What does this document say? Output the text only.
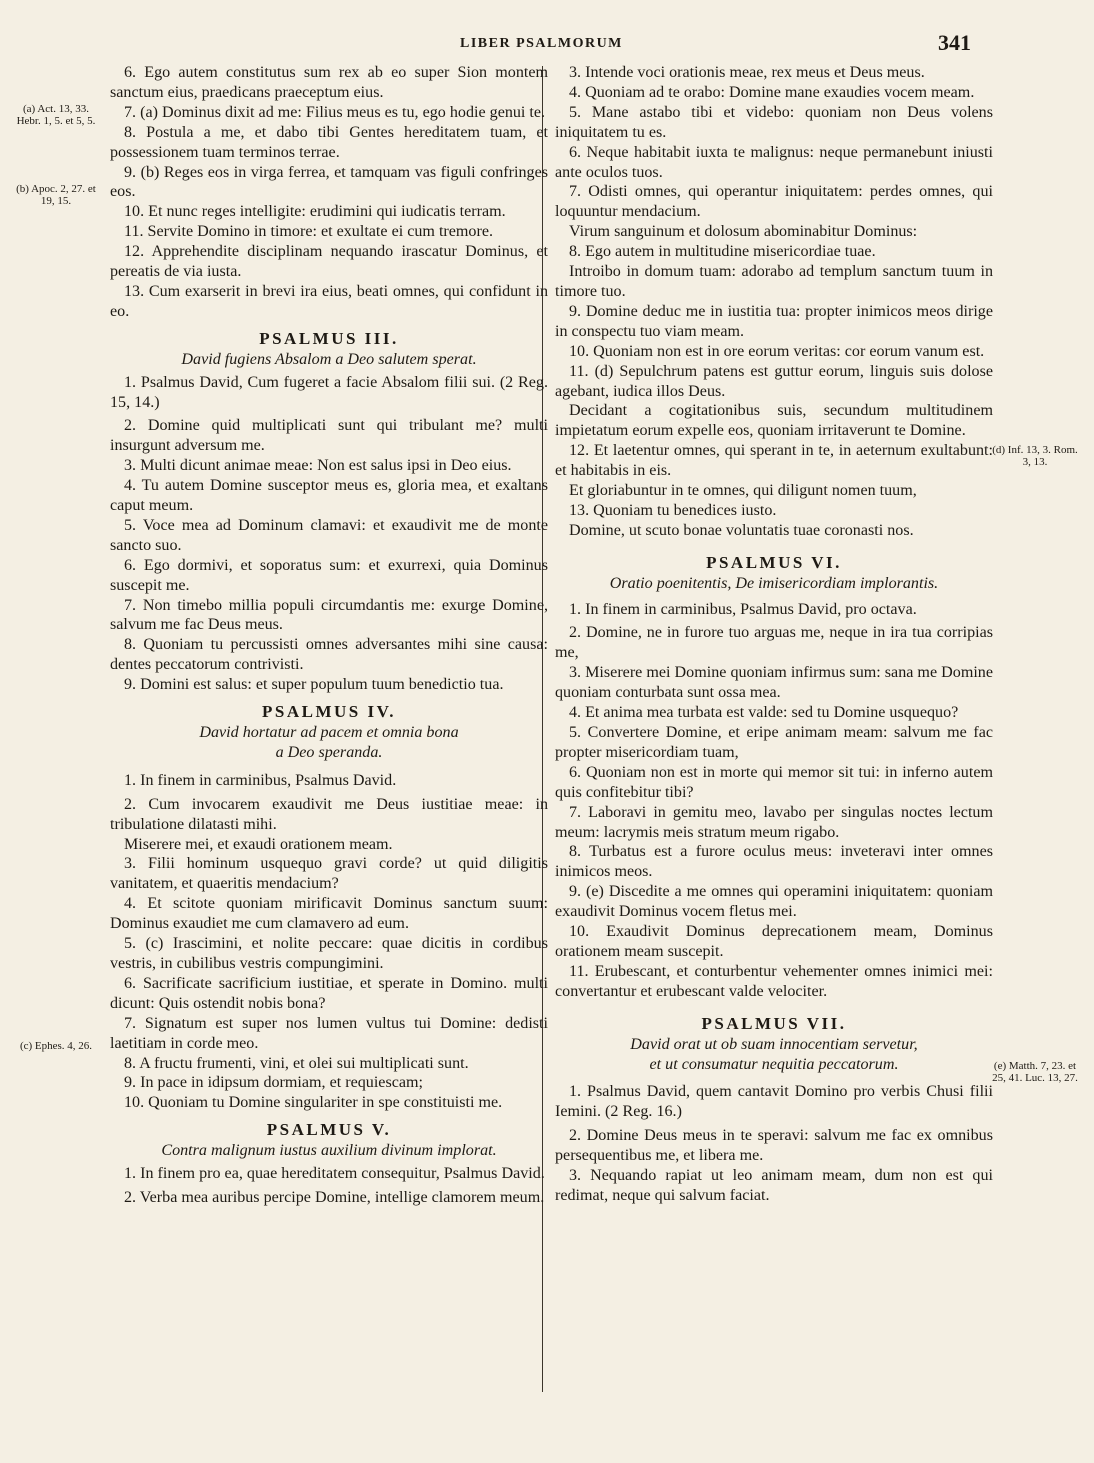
LIBER PSALMORUM	341

6. Ego autem constitutus sum rex ab eo super Sion montem sanctum eius, praedicans praeceptum eius.

7. (a) Dominus dixit ad me: Filius meus es tu, ego hodie genui te.

8. Postula a me, et dabo tibi Gentes hereditatem tuam, et possessionem tuam terminos terrae.

9. (b) Reges eos in virga ferrea, et tamquam vas figuli confringes eos.

10. Et nunc reges intelligite: erudimini qui iudicatis terram.

11. Servite Domino in timore: et exultate ei cum tremore.

12. Apprehendite disciplinam nequando irascatur Dominus, et pereatis de via iusta.

13. Cum exarserit in brevi ira eius, beati omnes, qui confidunt in eo.

PSALMUS III.
David fugiens Absalom a Deo salutem sperat.

1. Psalmus David, Cum fugeret a facie Absalom filii sui. (2 Reg. 15, 14.)

2. Domine quid multiplicati sunt qui tribulant me? multi insurgunt adversum me.

3. Multi dicunt animae meae: Non est salus ipsi in Deo eius.

4. Tu autem Domine susceptor meus es, gloria mea, et exaltans caput meum.

5. Voce mea ad Dominum clamavi: et exaudivit me de monte sancto suo.

6. Ego dormivi, et soporatus sum: et exurrexi, quia Dominus suscepit me.

7. Non timebo millia populi circumdantis me: exurge Domine, salvum me fac Deus meus.

8. Quoniam tu percussisti omnes adversantes mihi sine causa: dentes peccatorum contrivisti.

9. Domini est salus: et super populum tuum benedictio tua.

PSALMUS IV.
David hortatur ad pacem et omnia bona
a Deo speranda.

1. In finem in carminibus, Psalmus David.

2. Cum invocarem exaudivit me Deus iustitiae meae: in tribulatione dilatasti mihi.

Miserere mei, et exaudi orationem meam.

3. Filii hominum usquequo gravi corde? ut quid diligitis vanitatem, et quaeritis mendacium?

4. Et scitote quoniam mirificavit Dominus sanctum suum: Dominus exaudiet me cum clamavero ad eum.

5. (c) Irascimini, et nolite peccare: quae dicitis in cordibus vestris, in cubilibus vestris compungimini.

6. Sacrificate sacrificium iustitiae, et sperate in Domino. multi dicunt: Quis ostendit nobis bona?

7. Signatum est super nos lumen vultus tui Domine: dedisti laetitiam in corde meo.

8. A fructu frumenti, vini, et olei sui multiplicati sunt.

9. In pace in idipsum dormiam, et requiescam;

10. Quoniam tu Domine singulariter in spe constituisti me.

PSALMUS V.
Contra malignum iustus auxilium divinum implorat.

1. In finem pro ea, quae hereditatem consequitur, Psalmus David.

2. Verba mea auribus percipe Domine, intellige clamorem meum.

3. Intende voci orationis meae, rex meus et Deus meus.

4. Quoniam ad te orabo: Domine mane exaudies vocem meam.

5. Mane astabo tibi et videbo: quoniam non Deus volens iniquitatem tu es.

6. Neque habitabit iuxta te malignus: neque permanebunt iniusti ante oculos tuos.

7. Odisti omnes, qui operantur iniquitatem: perdes omnes, qui loquuntur mendacium.

Virum sanguinum et dolosum abominabitur Dominus:

8. Ego autem in multitudine misericordiae tuae.

Introibo in domum tuam: adorabo ad templum sanctum tuum in timore tuo.

9. Domine deduc me in iustitia tua: propter inimicos meos dirige in conspectu tuo viam meam.

10. Quoniam non est in ore eorum veritas: cor eorum vanum est.

11. (d) Sepulchrum patens est guttur eorum, linguis suis dolose agebant, iudica illos Deus.

Decidant a cogitationibus suis, secundum multitudinem impietatum eorum expelle eos, quoniam irritaverunt te Domine.

12. Et laetentur omnes, qui sperant in te, in aeternum exultabunt: et habitabis in eis.

Et gloriabuntur in te omnes, qui diligunt nomen tuum,

13. Quoniam tu benedices iusto.

Domine, ut scuto bonae voluntatis tuae coronasti nos.

PSALMUS VI.
Oratio poenitentis, De imisericordiam implorantis.

1. In finem in carminibus, Psalmus David, pro octava.

2. Domine, ne in furore tuo arguas me, neque in ira tua corripias me,

3. Miserere mei Domine quoniam infirmus sum: sana me Domine quoniam conturbata sunt ossa mea.

4. Et anima mea turbata est valde: sed tu Domine usquequo?

5. Convertere Domine, et eripe animam meam: salvum me fac propter misericordiam tuam,

6. Quoniam non est in morte qui memor sit tui: in inferno autem quis confitebitur tibi?

7. Laboravi in gemitu meo, lavabo per singulas noctes lectum meum: lacrymis meis stratum meum rigabo.

8. Turbatus est a furore oculus meus: inveteravi inter omnes inimicos meos.

9. (e) Discedite a me omnes qui operamini iniquitatem: quoniam exaudivit Dominus vocem fletus mei.

10. Exaudivit Dominus deprecationem meam, Dominus orationem meam suscepit.

11. Erubescant, et conturbentur vehementer omnes inimici mei: convertantur et erubescant valde velociter.

PSALMUS VII.
David orat ut ob suam innocentiam servetur,
et ut consumatur nequitia peccatorum.

1. Psalmus David, quem cantavit Domino pro verbis Chusi filii Iemini. (2 Reg. 16.)

2. Domine Deus meus in te speravi: salvum me fac ex omnibus persequentibus me, et libera me.

3. Nequando rapiat ut leo animam meam, dum non est qui redimat, neque qui salvum faciat.

(a) Act. 13, 33. Hebr. 1, 5. et 5, 5.
(b) Apoc. 2, 27. et 19, 15.
(c) Ephes. 4, 26.
(d) Inf. 13, 3. Rom. 3, 13.
(e) Matth. 7, 23. et 25, 41. Luc. 13, 27.
